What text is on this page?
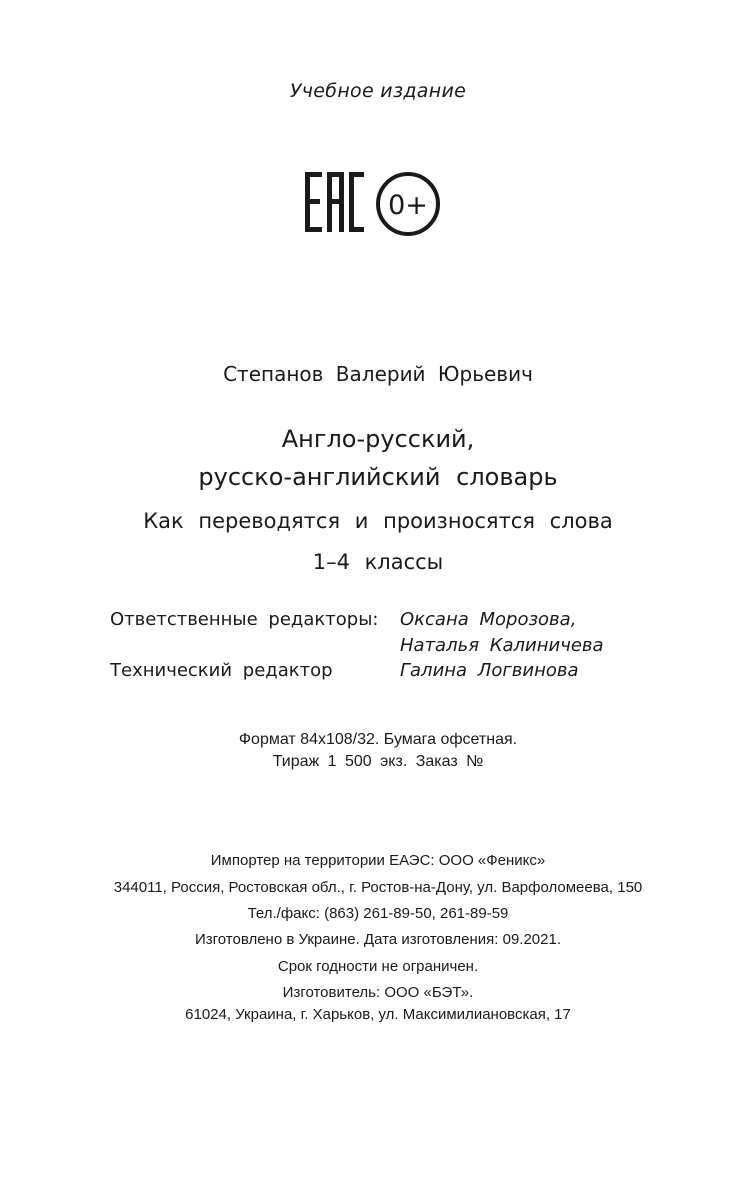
Учебное издание
0+
Степанов Валерий Юрьевич
Англо-русский,
русско-английский словарь
Как переводятся и произносятся слова
1–4 классы
Ответственные редакторы: Оксана Морозова,
Наталья Калиничева
Технический редактор	Галина Логвинова
Формат 84x108/32. Бумага офсетная.
Тираж 1 500 экз. Заказ №
Импортер на территории ЕАЭС: ООО «Феникс»
344011, Россия, Ростовская обл., г. Ростов-на-Дону, ул. Варфоломеева, 150
Тел./факс: (863) 261-89-50, 261-89-59
Изготовлено в Украине. Дата изготовления: 09.2021.
Срок годности не ограничен.
Изготовитель: ООО «БЭТ».
61024, Украина, г. Харьков, ул. Максимилиановская, 17
